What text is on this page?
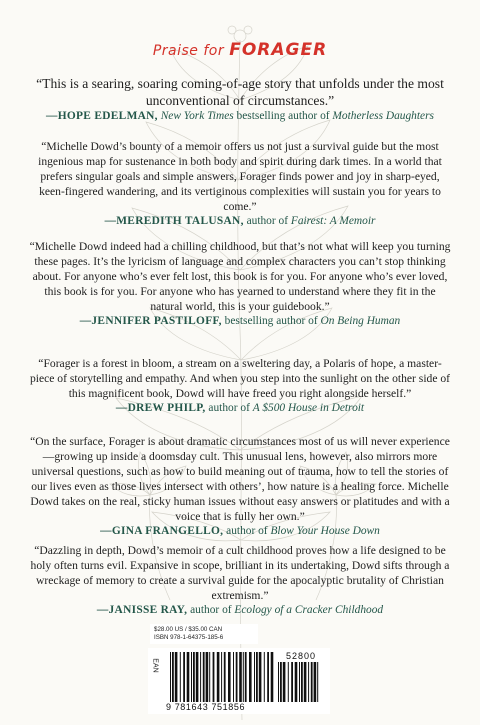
Praise for FORAGER
“This is a searing, soaring coming-of-age story that unfolds under the most unconventional of circumstances.”
—HOPE EDELMAN, New York Times bestselling author of Motherless Daughters
“Michelle Dowd’s bounty of a memoir offers us not just a survival guide but the most ingenious map for sustenance in both body and spirit during dark times. In a world that prefers singular goals and simple answers, Forager finds power and joy in sharp-eyed, keen-fingered wandering, and its vertiginous complexities will sustain you for years to come.”
—MEREDITH TALUSAN, author of Fairest: A Memoir
“Michelle Dowd indeed had a chilling childhood, but that’s not what will keep you turning these pages. It’s the lyricism of language and complex characters you can’t stop thinking about. For anyone who’s ever felt lost, this book is for you. For anyone who’s ever loved, this book is for you. For anyone who has yearned to understand where they fit in the natural world, this is your guidebook.”
—JENNIFER PASTILOFF, bestselling author of On Being Human
“Forager is a forest in bloom, a stream on a sweltering day, a Polaris of hope, a master-piece of storytelling and empathy. And when you step into the sunlight on the other side of this magnificent book, Dowd will have freed you right alongside herself.”
—DREW PHILP, author of A $500 House in Detroit
“On the surface, Forager is about dramatic circumstances most of us will never experience—growing up inside a doomsday cult. This unusual lens, however, also mirrors more universal questions, such as how to build meaning out of trauma, how to tell the stories of our lives even as those lives intersect with others’, how nature is a healing force. Michelle Dowd takes on the real, sticky human issues without easy answers or platitudes and with a voice that is fully her own.”
—GINA FRANGELLO, author of Blow Your House Down
“Dazzling in depth, Dowd’s memoir of a cult childhood proves how a life designed to be holy often turns evil. Expansive in scope, brilliant in its undertaking, Dowd sifts through a wreckage of memory to create a survival guide for the apocalyptic brutality of Christian extremism.”
—JANISSE RAY, author of Ecology of a Cracker Childhood
$28.00 US / $35.00 CAN
ISBN 978-1-64375-185-6
EAN
52800
9 781643 751856
